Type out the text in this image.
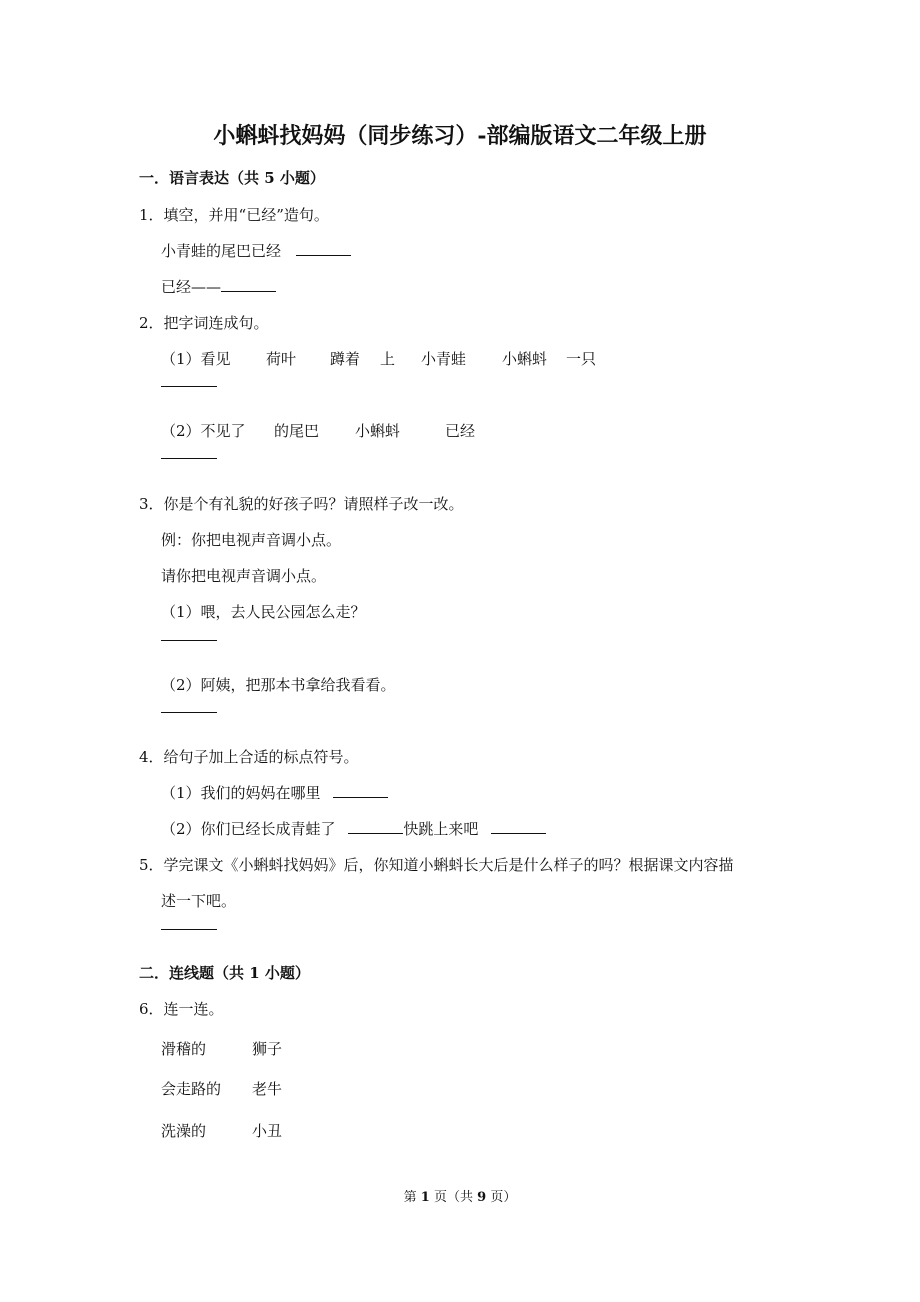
小蝌蚪找妈妈（同步练习）-部编版语文二年级上册
一．语言表达（共 5 小题）
1．填空，并用“已经”造句。
小青蛙的尾巴已经
已经——
2．把字词连成句。
（1）看见 荷叶 蹲着 上 小青蛙 小蝌蚪 一只
（2）不见了 的尾巴 小蝌蚪	已经
3．你是个有礼貌的好孩子吗？请照样子改一改。
例：你把电视声音调小点。
请你把电视声音调小点。
（1）喂，去人民公园怎么走？
（2）阿姨，把那本书拿给我看看。
4．给句子加上合适的标点符号。
（1）我们的妈妈在哪里
（2）你们已经长成青蛙了	快跳上来吧
5．学完课文《小蝌蚪找妈妈》后，你知道小蝌蚪长大后是什么样子的吗？根据课文内容描
述一下吧。
二．连线题（共 1 小题）
6．连一连。
滑稽的	狮子
会走路的 老牛
洗澡的	小丑
第 1 页（共 9 页）
